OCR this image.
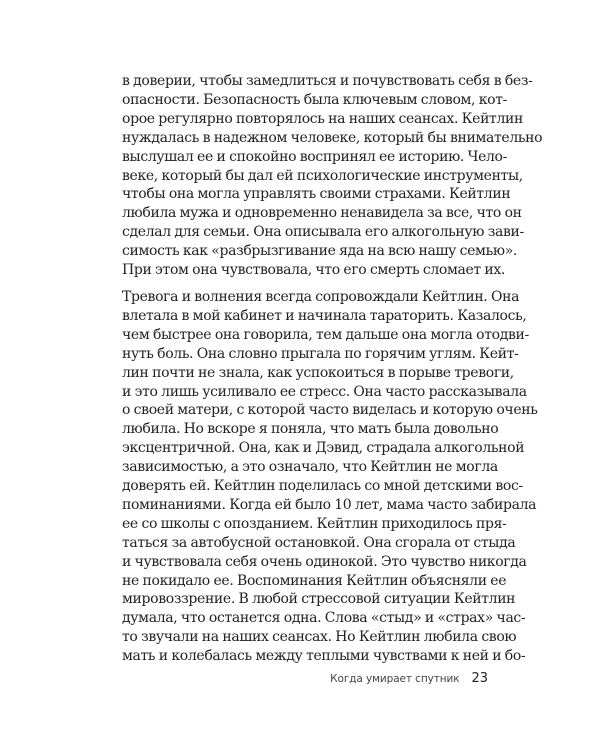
в доверии, чтобы замедлиться и почувствовать себя в без-
опасности. Безопасность была ключевым словом, кот-
орое регулярно повторялось на наших сеансах. Кейтлин
нуждалась в надежном человеке, который бы внимательно
выслушал ее и спокойно воспринял ее историю. Чело-
веке, который бы дал ей психологические инструменты,
чтобы она могла управлять своими страхами. Кейтлин
любила мужа и одновременно ненавидела за все, что он
сделал для семьи. Она описывала его алкогольную зави-
симость как «разбрызгивание яда на всю нашу семью».
При этом она чувствовала, что его смерть сломает их.
Тревога и волнения всегда сопровождали Кейтлин. Она
влетала в мой кабинет и начинала тараторить. Казалось,
чем быстрее она говорила, тем дальше она могла отодви-
нуть боль. Она словно прыгала по горячим углям. Кейт-
лин почти не знала, как успокоиться в порыве тревоги,
и это лишь усиливало ее стресс. Она часто рассказывала
о своей матери, с которой часто виделась и которую очень
любила. Но вскоре я поняла, что мать была довольно
эксцентричной. Она, как и Дэвид, страдала алкогольной
зависимостью, а это означало, что Кейтлин не могла
доверять ей. Кейтлин поделилась со мной детскими вос-
поминаниями. Когда ей было 10 лет, мама часто забирала
ее со школы с опозданием. Кейтлин приходилось пря-
таться за автобусной остановкой. Она сгорала от стыда
и чувствовала себя очень одинокой. Это чувство никогда
не покидало ее. Воспоминания Кейтлин объясняли ее
мировоззрение. В любой стрессовой ситуации Кейтлин
думала, что останется одна. Слова «стыд» и «страх» час-
то звучали на наших сеансах. Но Кейтлин любила свою
мать и колебалась между теплыми чувствами к ней и бо-
Когда умирает спутник 23
